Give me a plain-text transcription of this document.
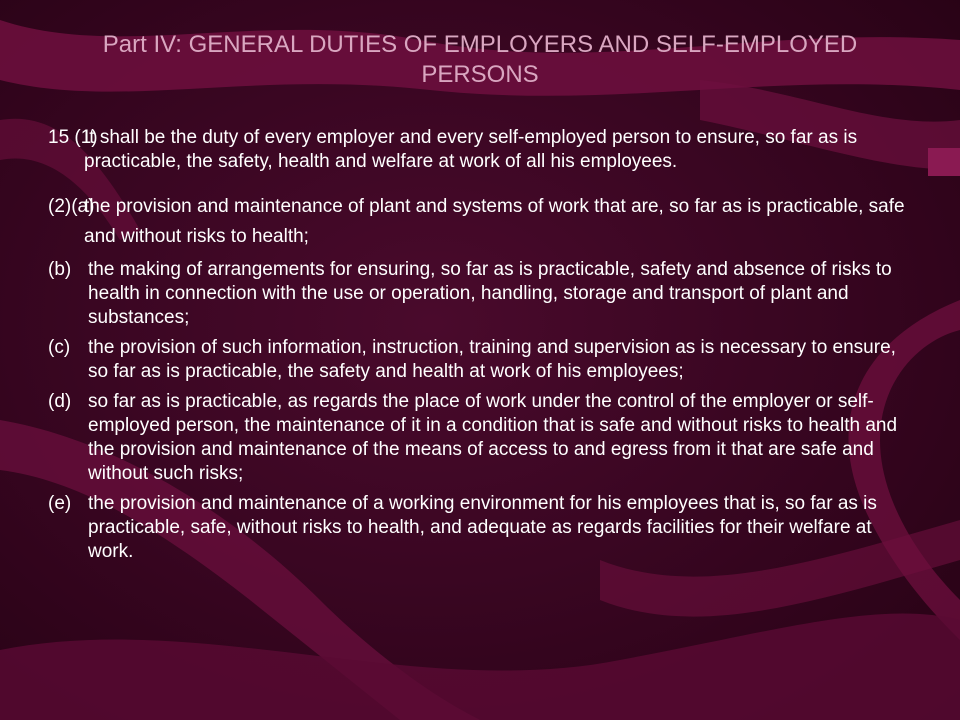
Part IV: GENERAL DUTIES OF EMPLOYERS AND SELF-EMPLOYED PERSONS
15 (1)
It shall be the duty of every employer and every self-employed person to ensure, so far as is practicable, the safety, health and welfare at work of all his employees.
(2)(a)
the provision and maintenance of plant and systems of work that are, so far as is practicable, safe and without risks to health;
(b) the making of arrangements for ensuring, so far as is practicable, safety and absence of risks to health in connection with the use or operation, handling, storage and transport of plant and substances;
(c) the provision of such information, instruction, training and supervision as is necessary to ensure, so far as is practicable, the safety and health at work of his employees;
(d) so far as is practicable, as regards the place of work under the control of the employer or self-employed person, the maintenance of it in a condition that is safe and without risks to health and the provision and maintenance of the means of access to and egress from it that are safe and without such risks;
(e) the provision and maintenance of a working environment for his employees that is, so far as is practicable, safe, without risks to health, and adequate as regards facilities for their welfare at work.
